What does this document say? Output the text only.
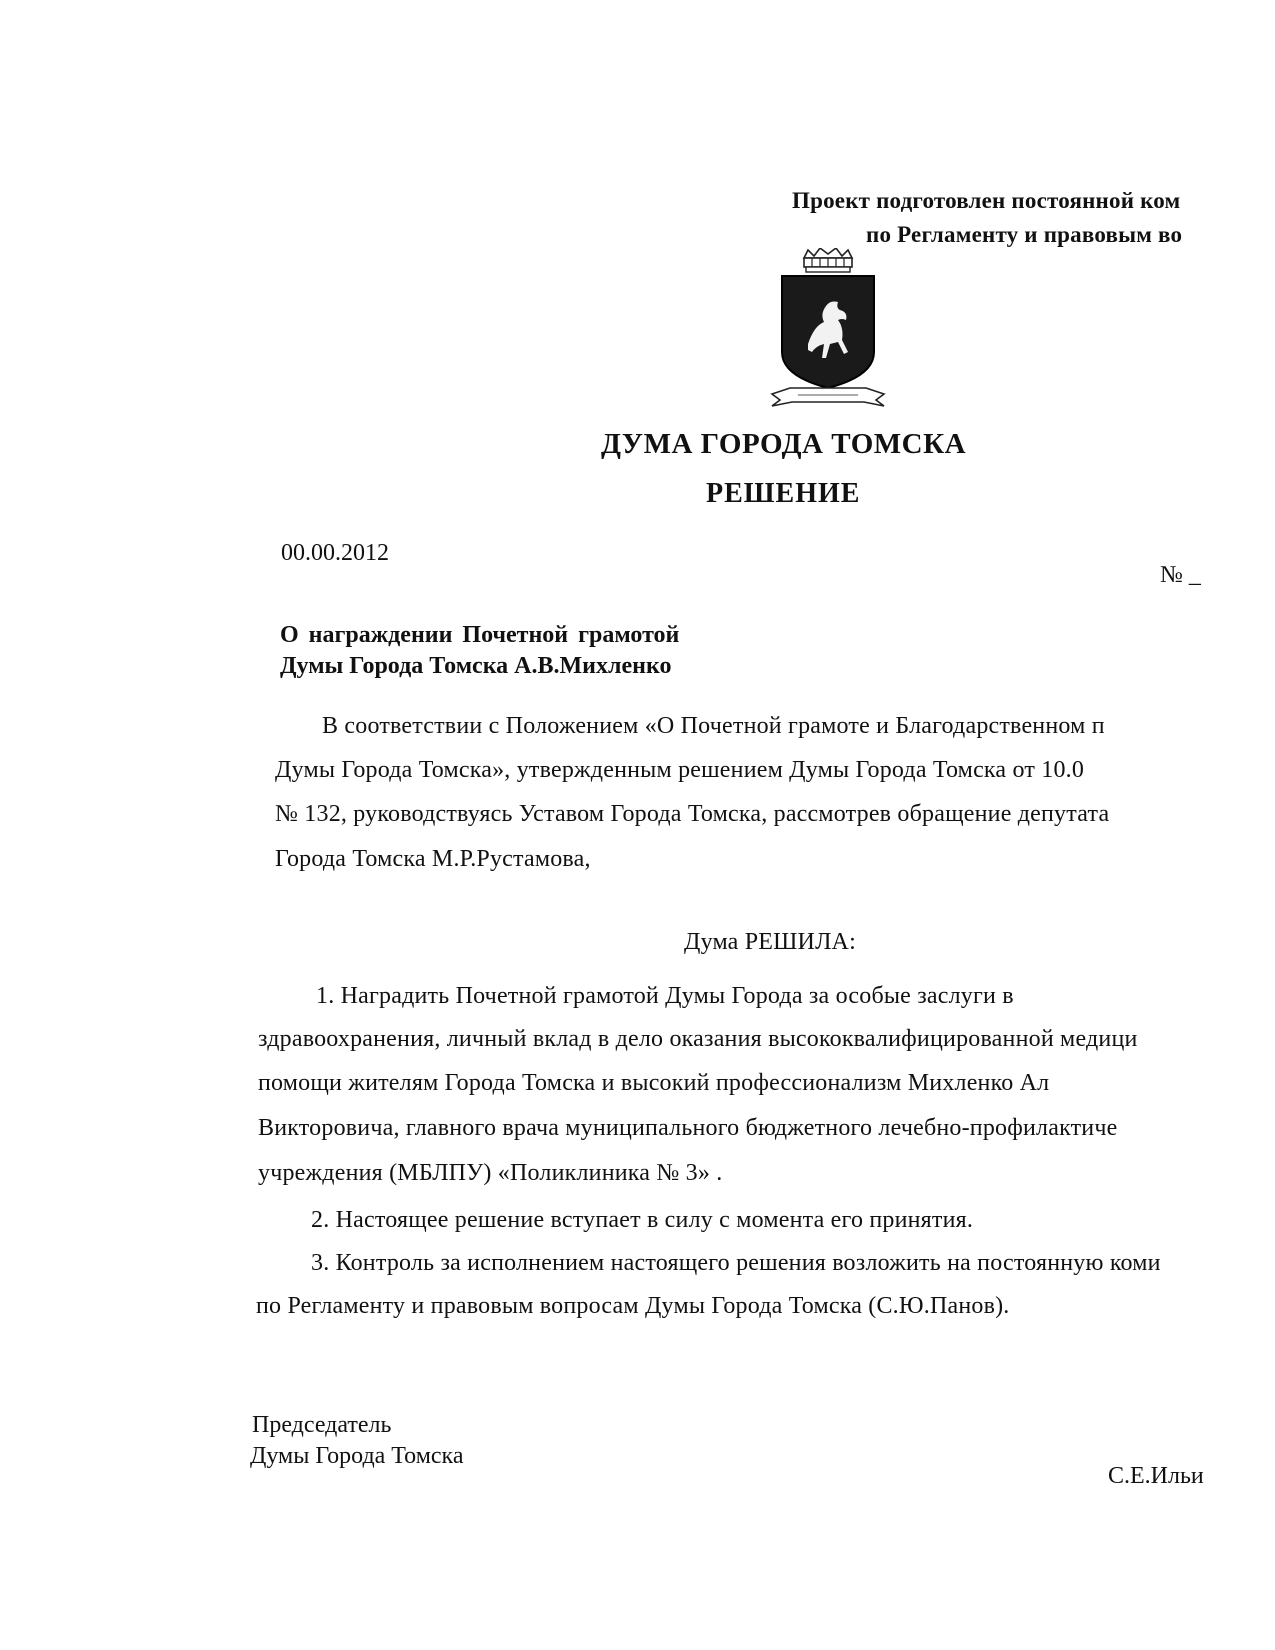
Проект подготовлен постоянной ком
по Регламенту и правовым во
ДУМА ГОРОДА ТОМСКА
РЕШЕНИЕ
00.00.2012
№ _
О награждении Почетной грамотой
Думы Города Томска А.В.Михленко
В соответствии с Положением «О Почетной грамоте и Благодарственном п
Думы Города Томска», утвержденным решением Думы Города Томска от 10.0
№ 132, руководствуясь Уставом Города Томска, рассмотрев обращение депутата
Города Томска М.Р.Рустамова,
Дума РЕШИЛА:
1. Наградить Почетной грамотой Думы Города за особые заслуги в
здравоохранения, личный вклад в дело оказания высококвалифицированной медици
помощи жителям Города Томска и высокий профессионализм Михленко Ал
Викторовича, главного врача муниципального бюджетного лечебно-профилактиче
учреждения (МБЛПУ) «Поликлиника № 3» .
2. Настоящее решение вступает в силу с момента его принятия.
3. Контроль за исполнением настоящего решения возложить на постоянную коми
по Регламенту и правовым вопросам Думы Города Томска (С.Ю.Панов).
Председатель
Думы Города Томска
С.Е.Ильи
